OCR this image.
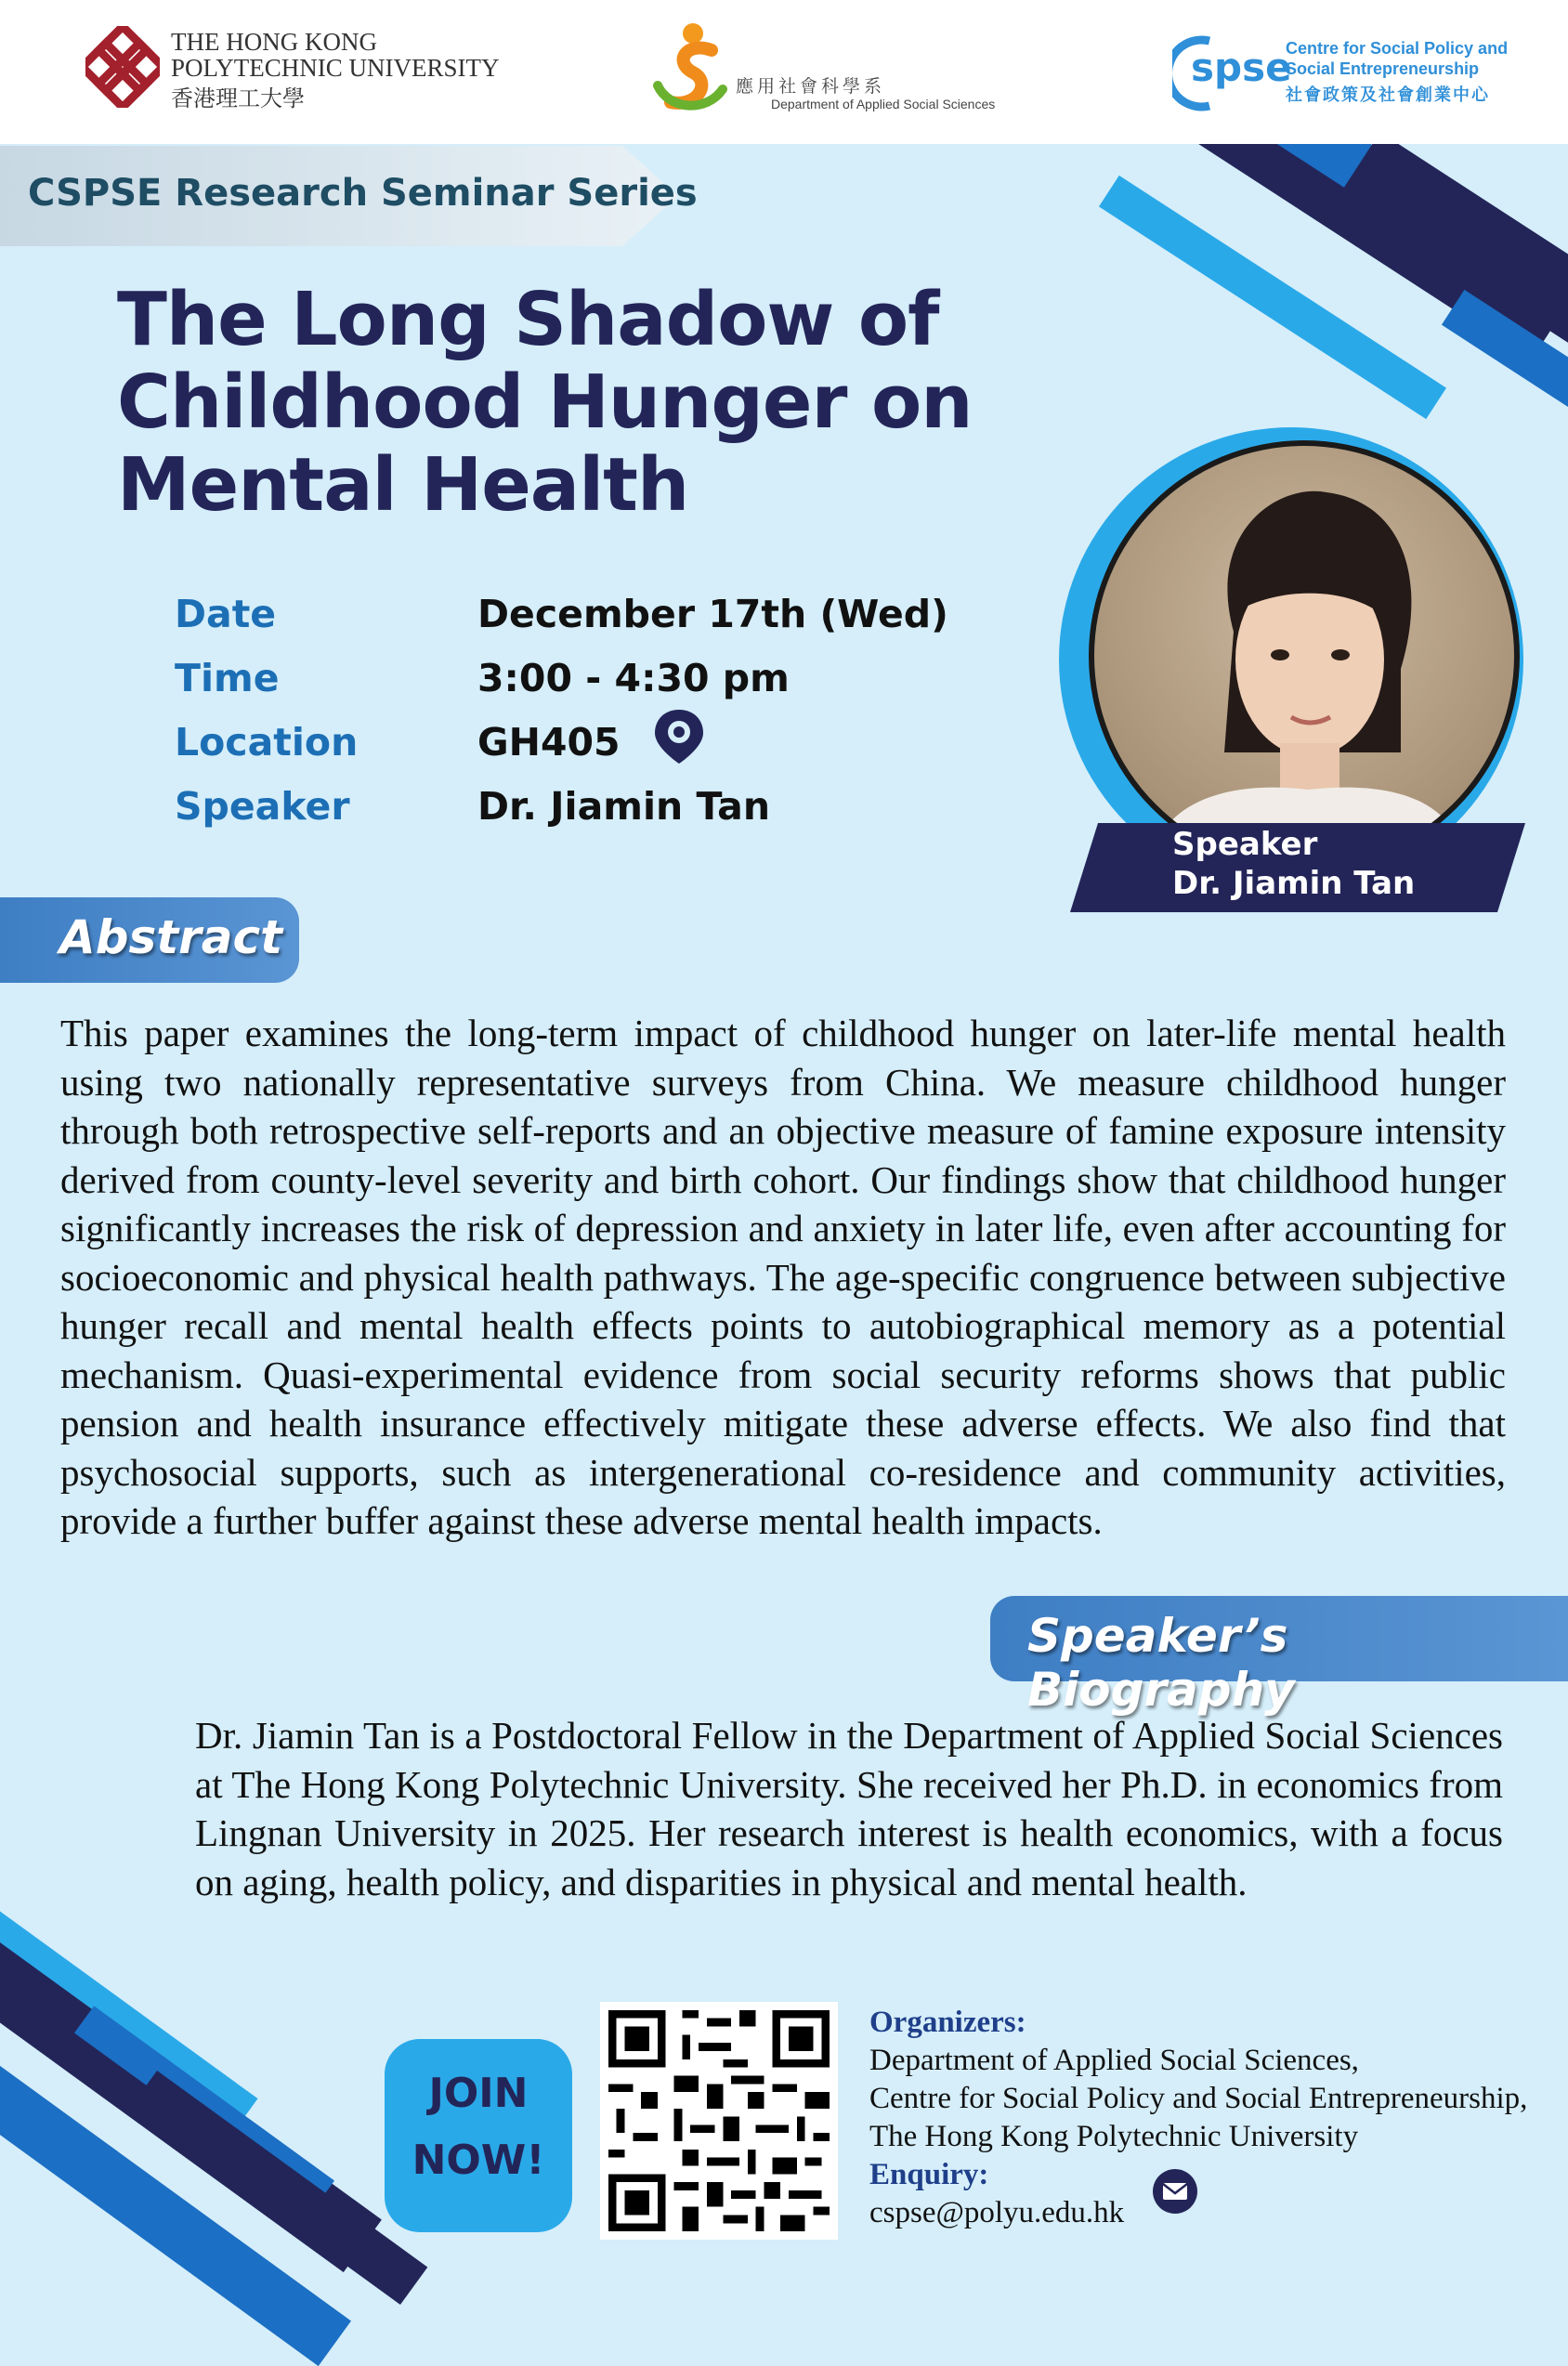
THE HONG KONG
POLYTECHNIC UNIVERSITY
香港理工大學	應用社會科學系
Department of Applied Social Sciences
spse
Centre for Social Policy and
Social Entrepreneurship
社會政策及社會創業中心
CSPSE Research Seminar Series
The Long Shadow of
Childhood Hunger on
Mental Health
Date	December 17th (Wed)
Time	3:00 - 4:30 pm
Location	GH405
Speaker	Dr. Jiamin Tan
Speaker
Dr. Jiamin Tan
Abstract
This paper examines the long-term impact of childhood hunger on later-life mental health using two nationally representative surveys from China. We measure childhood hunger through both retrospective self-reports and an objective measure of famine exposure intensity derived from county-level severity and birth cohort. Our findings show that childhood hunger significantly increases the risk of depression and anxiety in later life, even after accounting for socioeconomic and physical health pathways. The age-specific congruence between subjective hunger recall and mental health effects points to autobiographical memory as a potential mechanism. Quasi-experimental evidence from social security reforms shows that public pension and health insurance effectively mitigate these adverse effects. We also find that psychosocial supports, such as intergenerational co-residence and community activities, provide a further buffer against these adverse mental health impacts.
Speaker’s Biography
Dr. Jiamin Tan is a Postdoctoral Fellow in the Department of Applied Social Sciences at The Hong Kong Polytechnic University. She received her Ph.D. in economics from Lingnan University in 2025. Her research interest is health economics, with a focus on aging, health policy, and disparities in physical and mental health.
JOIN
NOW!
Organizers:
Department of Applied Social Sciences,
Centre for Social Policy and Social Entrepreneurship,
The Hong Kong Polytechnic University
Enquiry:
cspse@polyu.edu.hk
